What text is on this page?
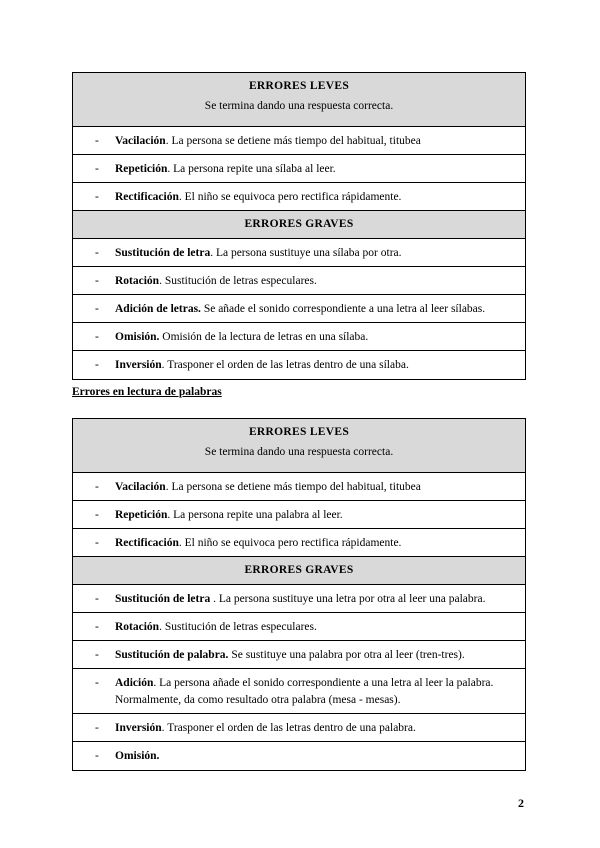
ERRORES LEVES
Se termina dando una respuesta correcta.
- Vacilación. La persona se detiene más tiempo del habitual, titubea
- Repetición. La persona repite una sílaba al leer.
- Rectificación. El niño se equivoca pero rectifica rápidamente.
ERRORES GRAVES
- Sustitución de letra. La persona sustituye una sílaba por otra.
- Rotación. Sustitución de letras especulares.
- Adición de letras. Se añade el sonido correspondiente a una letra al leer sílabas.
- Omisión. Omisión de la lectura de letras en una sílaba.
- Inversión. Trasponer el orden de las letras dentro de una sílaba.
Errores en lectura de palabras
ERRORES LEVES
Se termina dando una respuesta correcta.
- Vacilación. La persona se detiene más tiempo del habitual, titubea
- Repetición. La persona repite una palabra al leer.
- Rectificación. El niño se equivoca pero rectifica rápidamente.
ERRORES GRAVES
- Sustitución de letra . La persona sustituye una letra por otra al leer una palabra.
- Rotación. Sustitución de letras especulares.
- Sustitución de palabra. Se sustituye una palabra por otra al leer (tren-tres).
- Adición. La persona añade el sonido correspondiente a una letra al leer la palabra. Normalmente, da como resultado otra palabra (mesa - mesas).
- Inversión. Trasponer el orden de las letras dentro de una palabra.
- Omisión.
2
